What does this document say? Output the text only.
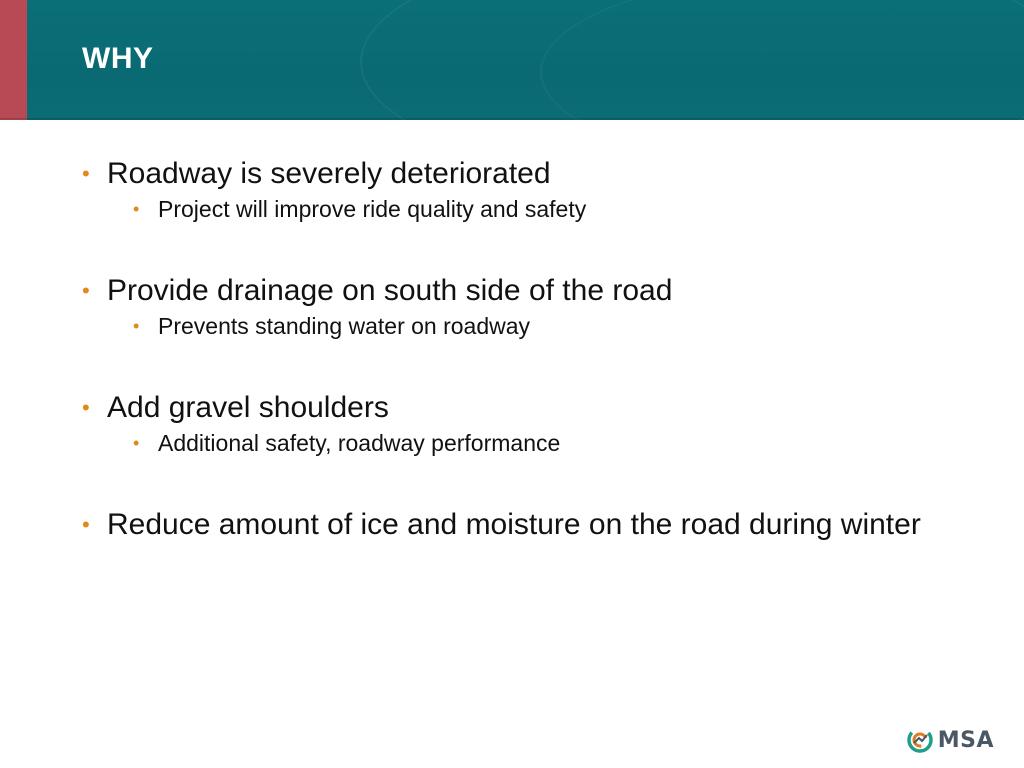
WHY
• Roadway is severely deteriorated
• Project will improve ride quality and safety
• Provide drainage on south side of the road
• Prevents standing water on roadway
• Add gravel shoulders
• Additional safety, roadway performance
• Reduce amount of ice and moisture on the road during winter
MSA
